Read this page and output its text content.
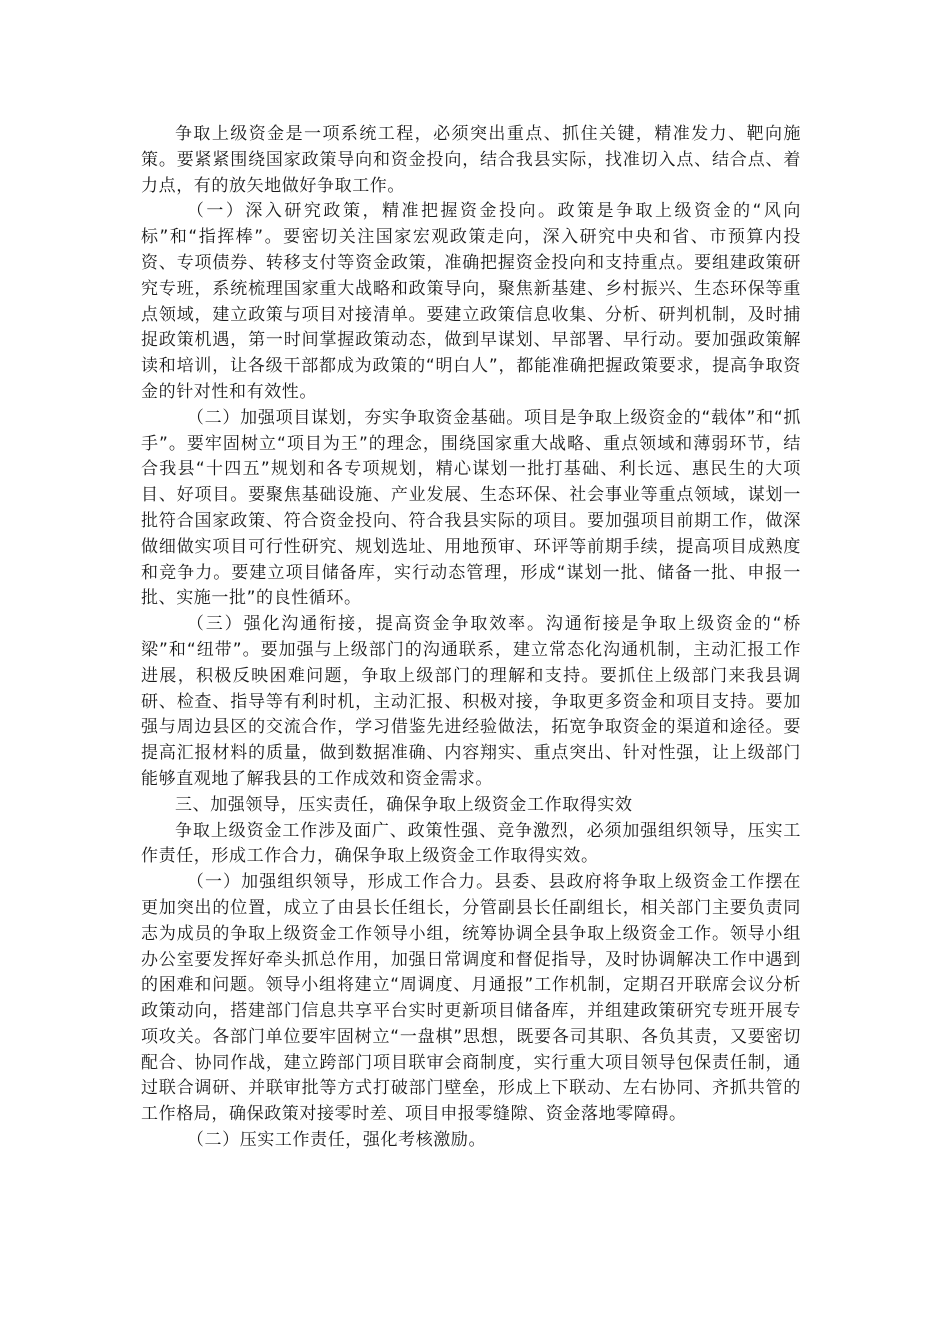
争取上级资金是一项系统工程，必须突出重点、抓住关键，精准发力、靶向施策。要紧紧围绕国家政策导向和资金投向，结合我县实际，找准切入点、结合点、着力点，有的放矢地做好争取工作。

（一）深入研究政策，精准把握资金投向。政策是争取上级资金的“风向标”和“指挥棒”。要密切关注国家宏观政策走向，深入研究中央和省、市预算内投资、专项债券、转移支付等资金政策，准确把握资金投向和支持重点。要组建政策研究专班，系统梳理国家重大战略和政策导向，聚焦新基建、乡村振兴、生态环保等重点领域，建立政策与项目对接清单。要建立政策信息收集、分析、研判机制，及时捕捉政策机遇，第一时间掌握政策动态，做到早谋划、早部署、早行动。要加强政策解读和培训，让各级干部都成为政策的“明白人”，都能准确把握政策要求，提高争取资金的针对性和有效性。

（二）加强项目谋划，夯实争取资金基础。项目是争取上级资金的“载体”和“抓手”。要牢固树立“项目为王”的理念，围绕国家重大战略、重点领域和薄弱环节，结合我县“十四五”规划和各专项规划，精心谋划一批打基础、利长远、惠民生的大项目、好项目。要聚焦基础设施、产业发展、生态环保、社会事业等重点领域，谋划一批符合国家政策、符合资金投向、符合我县实际的项目。要加强项目前期工作，做深做细做实项目可行性研究、规划选址、用地预审、环评等前期手续，提高项目成熟度和竞争力。要建立项目储备库，实行动态管理，形成“谋划一批、储备一批、申报一批、实施一批”的良性循环。

（三）强化沟通衔接，提高资金争取效率。沟通衔接是争取上级资金的“桥梁”和“纽带”。要加强与上级部门的沟通联系，建立常态化沟通机制，主动汇报工作进展，积极反映困难问题，争取上级部门的理解和支持。要抓住上级部门来我县调研、检查、指导等有利时机，主动汇报、积极对接，争取更多资金和项目支持。要加强与周边县区的交流合作，学习借鉴先进经验做法，拓宽争取资金的渠道和途径。要提高汇报材料的质量，做到数据准确、内容翔实、重点突出、针对性强，让上级部门能够直观地了解我县的工作成效和资金需求。

三、加强领导，压实责任，确保争取上级资金工作取得实效

争取上级资金工作涉及面广、政策性强、竞争激烈，必须加强组织领导，压实工作责任，形成工作合力，确保争取上级资金工作取得实效。

（一）加强组织领导，形成工作合力。县委、县政府将争取上级资金工作摆在更加突出的位置，成立了由县长任组长，分管副县长任副组长，相关部门主要负责同志为成员的争取上级资金工作领导小组，统筹协调全县争取上级资金工作。领导小组办公室要发挥好牵头抓总作用，加强日常调度和督促指导，及时协调解决工作中遇到的困难和问题。领导小组将建立“周调度、月通报”工作机制，定期召开联席会议分析政策动向，搭建部门信息共享平台实时更新项目储备库，并组建政策研究专班开展专项攻关。各部门单位要牢固树立“一盘棋”思想，既要各司其职、各负其责，又要密切配合、协同作战，建立跨部门项目联审会商制度，实行重大项目领导包保责任制，通过联合调研、并联审批等方式打破部门壁垒，形成上下联动、左右协同、齐抓共管的工作格局，确保政策对接零时差、项目申报零缝隙、资金落地零障碍。

（二）压实工作责任，强化考核激励。
